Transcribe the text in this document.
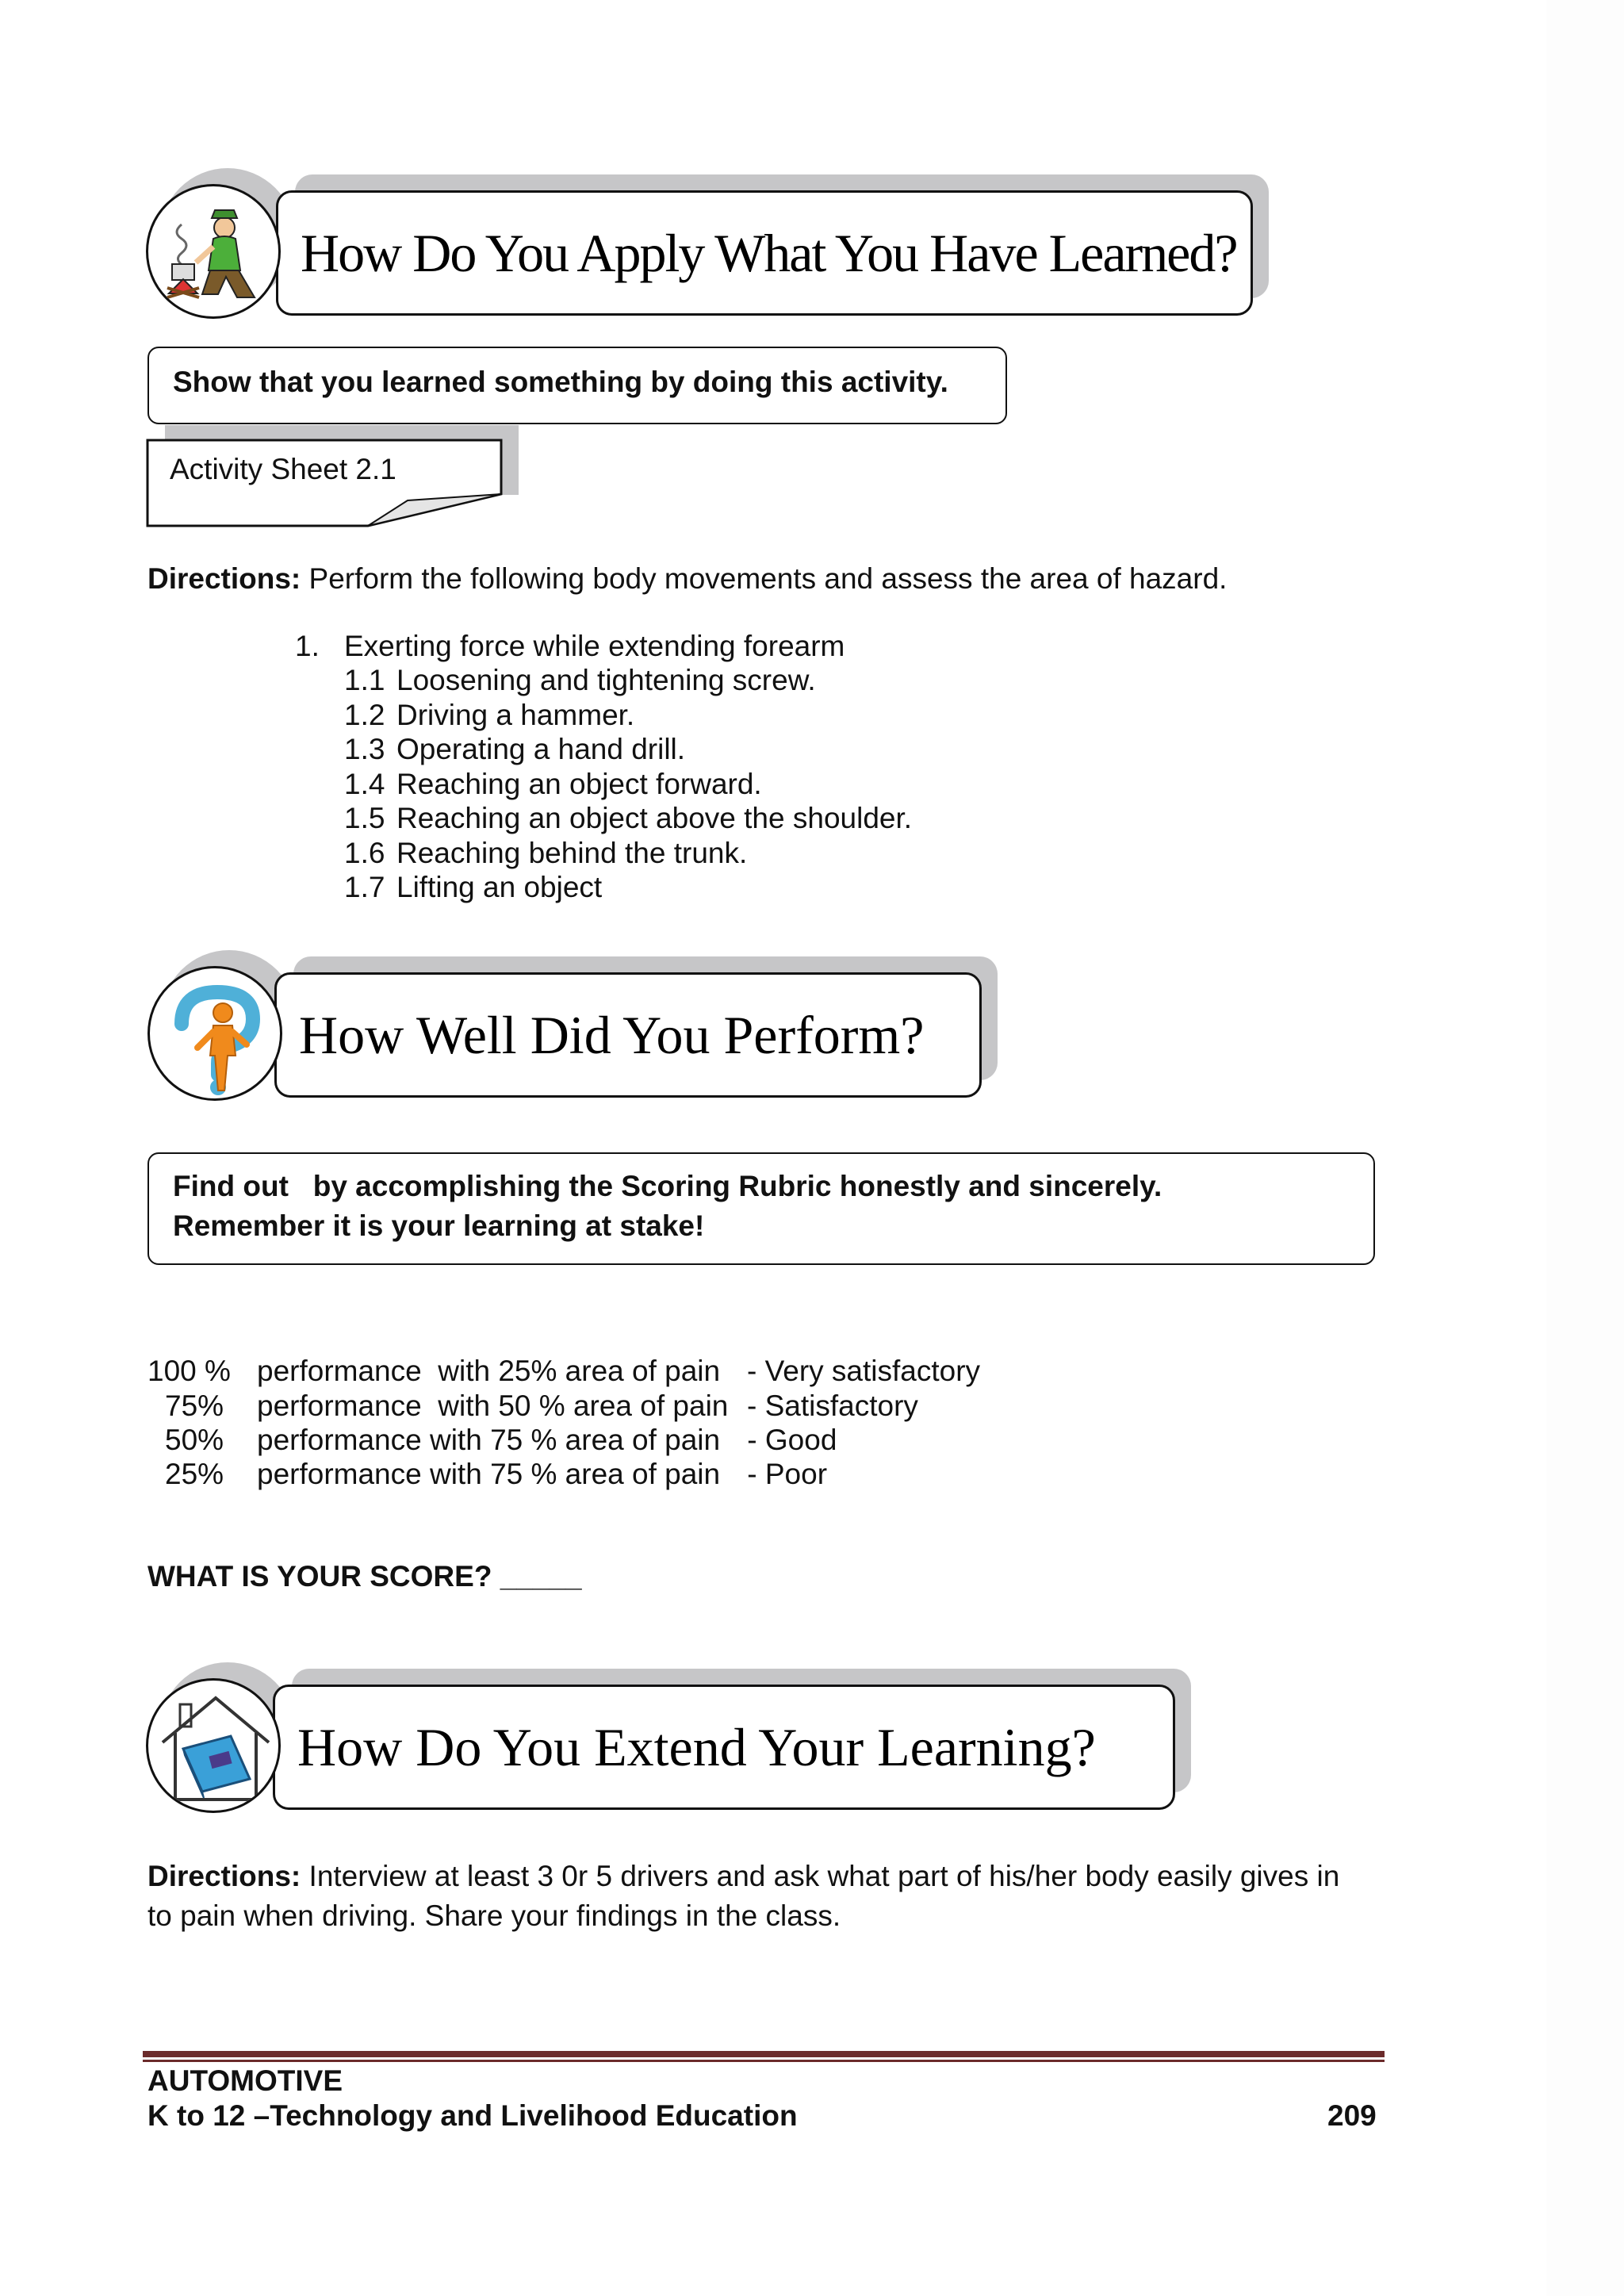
How Do You Apply What You Have Learned?
Show that you learned something by doing this activity.
Activity Sheet 2.1
Directions: Perform the following body movements and assess the area of hazard.
1. Exerting force while extending forearm
1.1 Loosening and tightening screw.
1.2 Driving a hammer.
1.3 Operating a hand drill.
1.4 Reaching an object forward.
1.5 Reaching an object above the shoulder.
1.6 Reaching behind the trunk.
1.7 Lifting an object
How Well Did You Perform?
Find out   by accomplishing the Scoring Rubric honestly and sincerely.
Remember it is your learning at stake!
100 % performance  with 25% area of pain - Very satisfactory
75% performance  with 50 % area of pain - Satisfactory
50% performance with 75 % area of pain - Good
25% performance with 75 % area of pain - Poor
WHAT IS YOUR SCORE? _____
How Do You Extend Your Learning?
Directions: Interview at least 3 0r 5 drivers and ask what part of his/her body easily gives in
to pain when driving. Share your findings in the class.
AUTOMOTIVE
K to 12 –Technology and Livelihood Education	209
